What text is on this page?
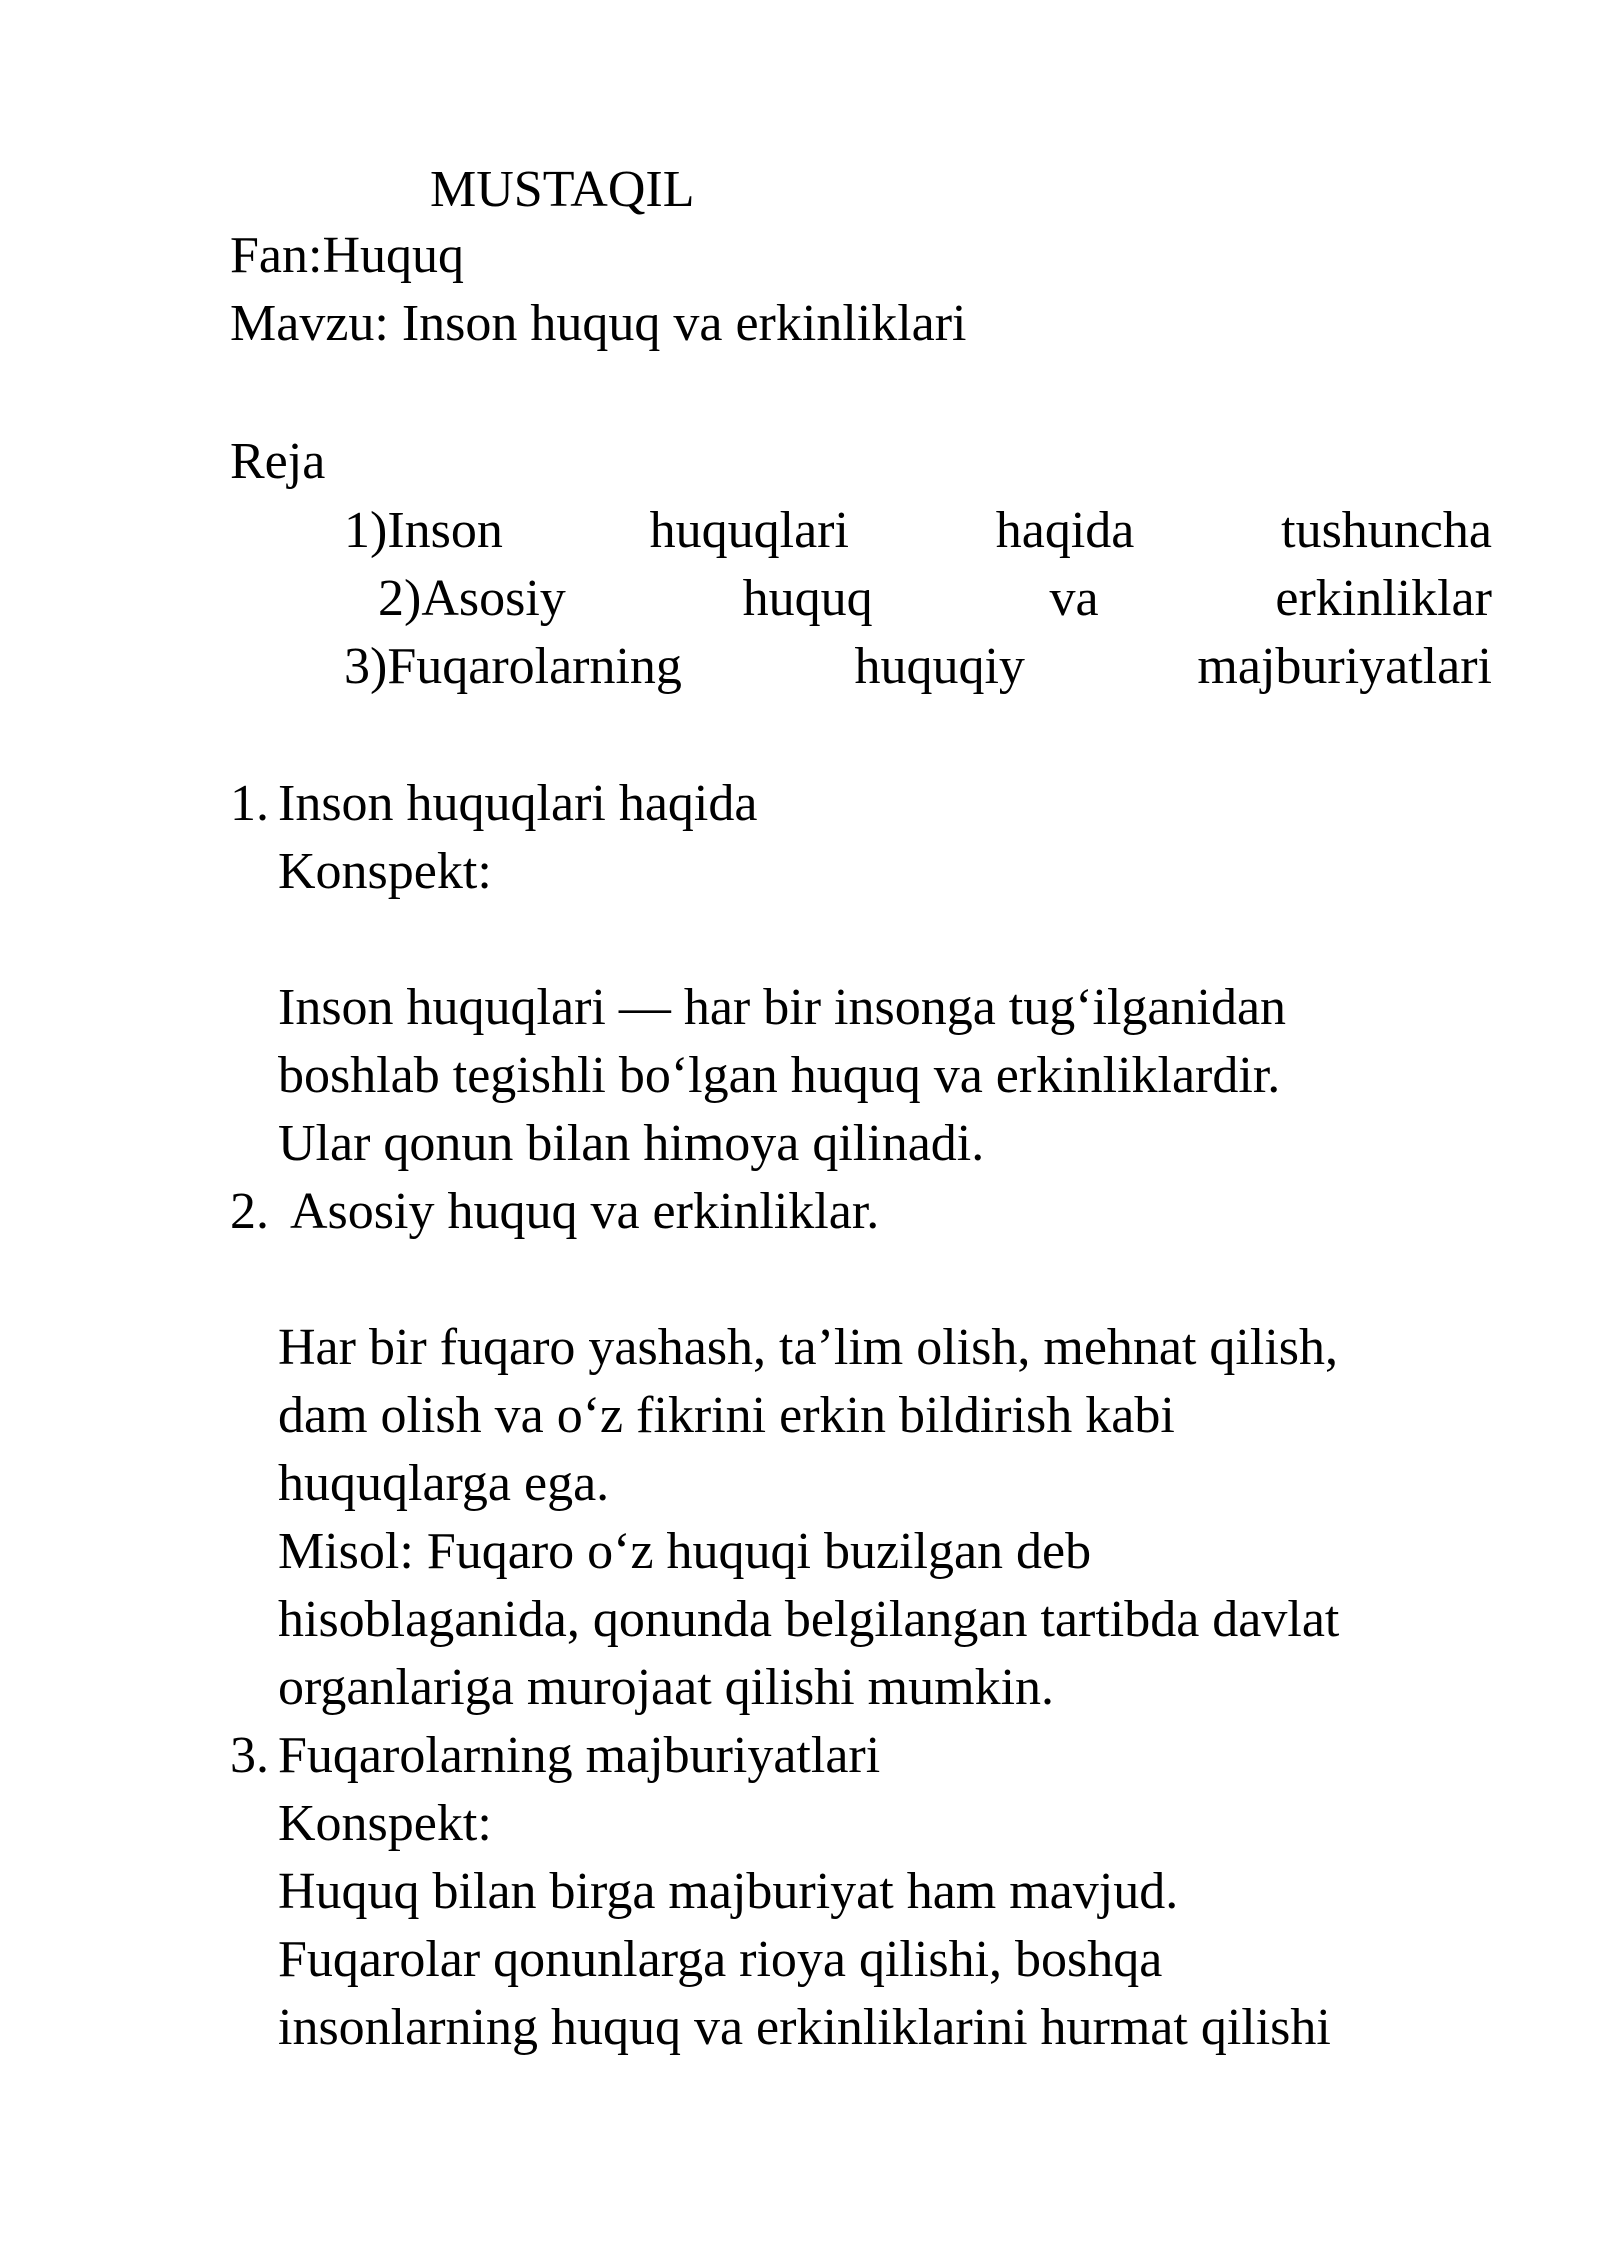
MUSTAQIL
Fan:Huquq
Mavzu: Inson huquq va erkinliklari
Reja
1)Inson	huquqlari	haqida	tushuncha
2)Asosiy	huquq	va	erkinliklar
3)Fuqarolarning	huquqiy	majburiyatlari
1. Inson huquqlari haqida
Konspekt:
Inson huquqlari — har bir insonga tug‘ilganidan
boshlab tegishli bo‘lgan huquq va erkinliklardir.
Ular qonun bilan himoya qilinadi.
2. Asosiy huquq va erkinliklar.
Har bir fuqaro yashash, ta’lim olish, mehnat qilish,
dam olish va o‘z fikrini erkin bildirish kabi
huquqlarga ega.
Misol: Fuqaro o‘z huquqi buzilgan deb
hisoblaganida, qonunda belgilangan tartibda davlat
organlariga murojaat qilishi mumkin.
3. Fuqarolarning majburiyatlari
Konspekt:
Huquq bilan birga majburiyat ham mavjud.
Fuqarolar qonunlarga rioya qilishi, boshqa
insonlarning huquq va erkinliklarini hurmat qilishi
